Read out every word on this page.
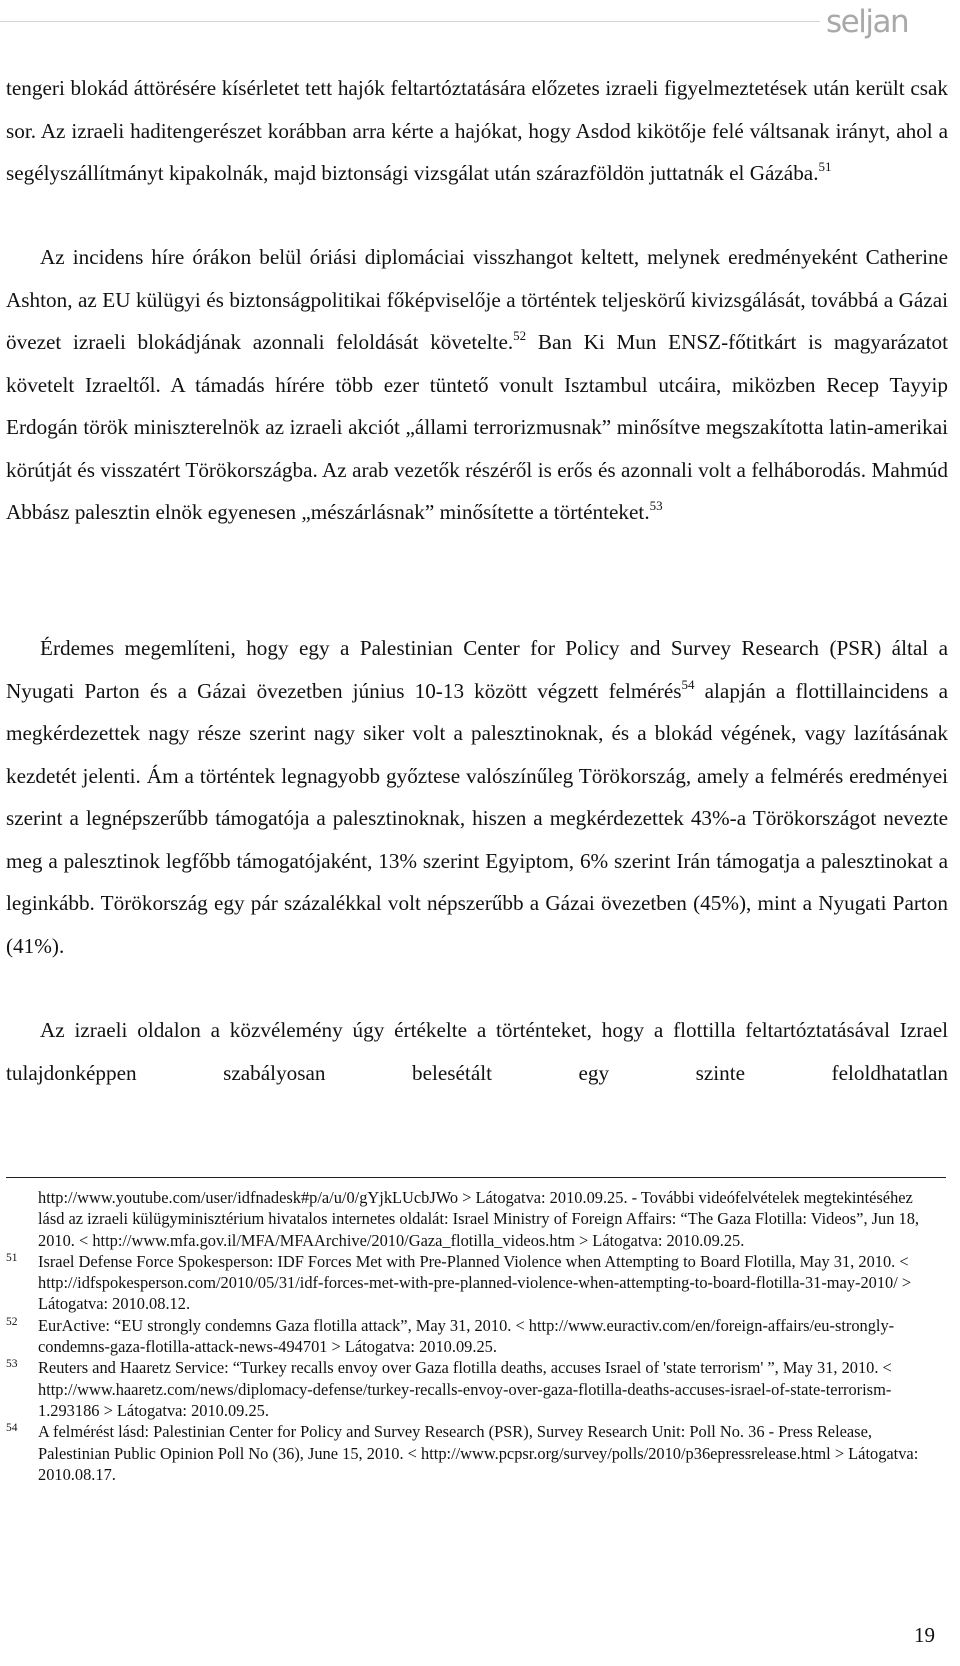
seljan

tengeri blokád áttörésére kísérletet tett hajók feltartóztatására előzetes izraeli figyelmeztetések után került csak sor. Az izraeli haditengerészet korábban arra kérte a hajókat, hogy Asdod kikötője felé váltsanak irányt, ahol a segélyszállítmányt kipakolnák, majd biztonsági vizsgálat után szárazföldön juttatnák el Gázába.$^{51}$

Az incidens híre órákon belül óriási diplomáciai visszhangot keltett, melynek eredményeként Catherine Ashton, az EU külügyi és biztonságpolitikai főképviselője a történtek teljeskörű kivizsgálását, továbbá a Gázai övezet izraeli blokádjának azonnali feloldását követelte.$^{52}$ Ban Ki Mun ENSZ-főtitkárt is magyarázatot követelt Izraeltől. A támadás hírére több ezer tüntető vonult Isztambul utcáira, miközben Recep Tayyip Erdogán török miniszterelnök az izraeli akciót „állami terrorizmusnak” minősítve megszakította latin-amerikai körútját és visszatért Törökországba. Az arab vezetők részéről is erős és azonnali volt a felháborodás. Mahmúd Abbász palesztin elnök egyenesen „mészárlásnak” minősítette a történteket.$^{53}$

Érdemes megemlíteni, hogy egy a Palestinian Center for Policy and Survey Research (PSR) által a Nyugati Parton és a Gázai övezetben június 10-13 között végzett felmérés$^{54}$ alapján a flottillaincidens a megkérdezettek nagy része szerint nagy siker volt a palesztinoknak, és a blokád végének, vagy lazításának kezdetét jelenti. Ám a történtek legnagyobb győztese valószínűleg Törökország, amely a felmérés eredményei szerint a legnépszerűbb támogatója a palesztinoknak, hiszen a megkérdezettek 43%-a Törökországot nevezte meg a palesztinok legfőbb támogatójaként, 13% szerint Egyiptom, 6% szerint Irán támogatja a palesztinokat a leginkább. Törökország egy pár százalékkal volt népszerűbb a Gázai övezetben (45%), mint a Nyugati Parton (41%).

Az izraeli oldalon a közvélemény úgy értékelte a történteket, hogy a flottilla feltartóztatásával Izrael tulajdonképpen szabályosan belesétált egy szinte feloldhatatlan

http://www.youtube.com/user/idfnadesk#p/a/u/0/gYjkLUcbJWo > Látogatva: 2010.09.25. - További videófelvételek megtekintéséhez lásd az izraeli külügyminisztérium hivatalos internetes oldalát: Israel Ministry of Foreign Affairs: “The Gaza Flotilla: Videos”, Jun 18, 2010. < http://www.mfa.gov.il/MFA/MFAArchive/2010/Gaza_flotilla_videos.htm > Látogatva: 2010.09.25.
51 Israel Defense Force Spokesperson: IDF Forces Met with Pre-Planned Violence when Attempting to Board Flotilla, May 31, 2010. < http://idfspokesperson.com/2010/05/31/idf-forces-met-with-pre-planned-violence-when-attempting-to-board-flotilla-31-may-2010/ > Látogatva: 2010.08.12.
52 EurActive: “EU strongly condemns Gaza flotilla attack”, May 31, 2010. < http://www.euractiv.com/en/foreign-affairs/eu-strongly-condemns-gaza-flotilla-attack-news-494701 > Látogatva: 2010.09.25.
53 Reuters and Haaretz Service: “Turkey recalls envoy over Gaza flotilla deaths, accuses Israel of 'state terrorism' ”, May 31, 2010. < http://www.haaretz.com/news/diplomacy-defense/turkey-recalls-envoy-over-gaza-flotilla-deaths-accuses-israel-of-state-terrorism-1.293186 > Látogatva: 2010.09.25.
54 A felmérést lásd: Palestinian Center for Policy and Survey Research (PSR), Survey Research Unit: Poll No. 36 - Press Release, Palestinian Public Opinion Poll No (36), June 15, 2010. < http://www.pcpsr.org/survey/polls/2010/p36epressrelease.html > Látogatva: 2010.08.17.
19
